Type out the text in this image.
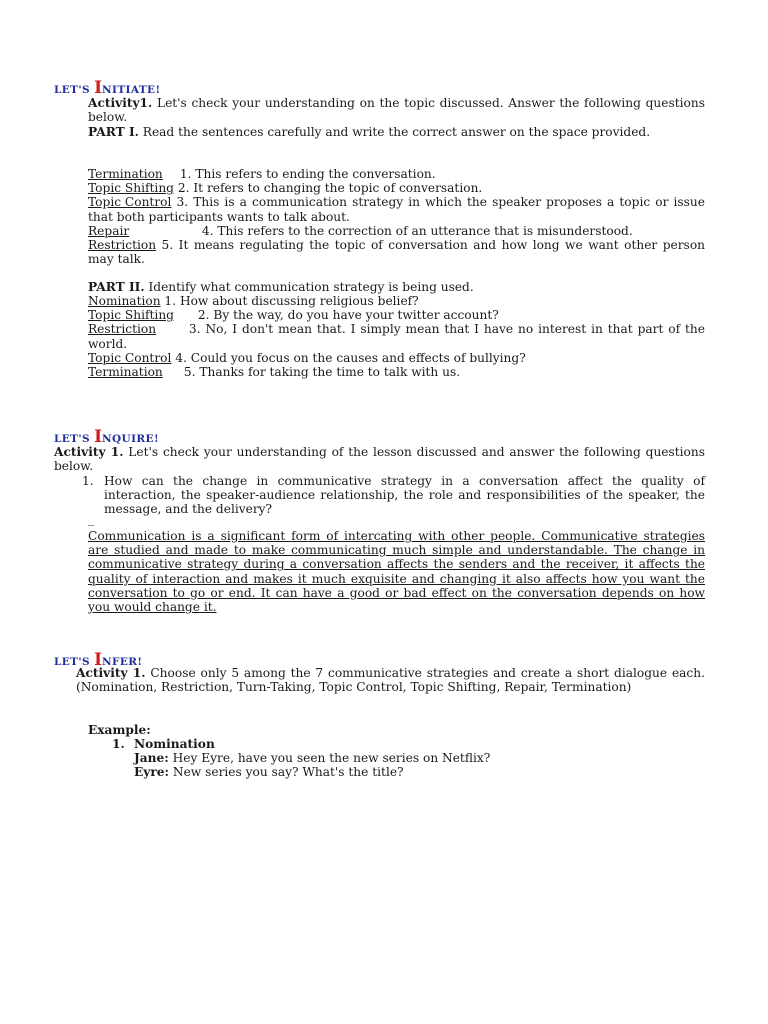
LET'S INITIATE!
Activity1. Let's check your understanding on the topic discussed. Answer the following questions below.
PART I. Read the sentences carefully and write the correct answer on the space provided.
Termination 1. This refers to ending the conversation.
Topic Shifting 2. It refers to changing the topic of conversation.
Topic Control 3. This is a communication strategy in which the speaker proposes a topic or issue that both participants wants to talk about.
Repair	4. This refers to the correction of an utterance that is misunderstood.
Restriction 5. It means regulating the topic of conversation and how long we want other person may talk.
PART II. Identify what communication strategy is being used.
Nomination 1. How about discussing religious belief?
Topic Shifting 2. By the way, do you have your twitter account?
Restriction 3. No, I don't mean that. I simply mean that I have no interest in that part of the world.
Topic Control 4. Could you focus on the causes and effects of bullying?
Termination 5. Thanks for taking the time to talk with us.
LET'S INQUIRE!
Activity 1. Let's check your understanding of the lesson discussed and answer the following questions below.
1. How can the change in communicative strategy in a conversation affect the quality of interaction, the speaker-audience relationship, the role and responsibilities of the speaker, the message, and the delivery?
_
Communication is a significant form of intercating with other people. Communicative strategies are studied and made to make communicating much simple and understandable. The change in communicative strategy during a conversation affects the senders and the receiver, it affects the quality of interaction and makes it much exquisite and changing it also affects how you want the conversation to go or end. It can have a good or bad effect on the conversation depends on how you would change it.
LET'S INFER!
Activity 1. Choose only 5 among the 7 communicative strategies and create a short dialogue each. (Nomination, Restriction, Turn-Taking, Topic Control, Topic Shifting, Repair, Termination)
Example:
1. Nomination
Jane: Hey Eyre, have you seen the new series on Netflix?
Eyre: New series you say? What's the title?
